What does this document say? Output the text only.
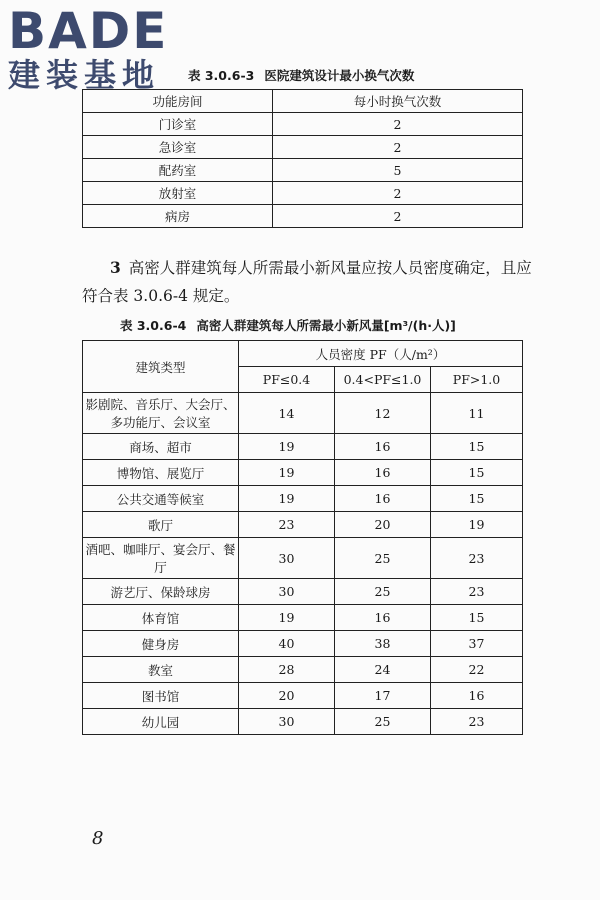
BADE
建装基地	表 3.0.6-3 医院建筑设计最小换气次数
功能房间	每小时换气次数
门诊室	2
急诊室	2
配药室	5
放射室	2
病房	2
3 高密人群建筑每人所需最小新风量应按人员密度确定，且应符合表 3.0.6-4 规定。
表 3.0.6-4 高密人群建筑每人所需最小新风量[m³/(h·人)]
建筑类型	人员密度 PF（人/m²）		
	PF≤0.4	0.4<PF≤1.0	PF>1.0
影剧院、音乐厅、大会厅、多功能厅、会议室	14	12	11
商场、超市	19	16	15
博物馆、展览厅	19	16	15
公共交通等候室	19	16	15
歌厅	23	20	19
酒吧、咖啡厅、宴会厅、餐厅	30	25	23
游艺厅、保龄球房	30	25	23
体育馆	19	16	15
健身房	40	38	37
教室	28	24	22
图书馆	20	17	16
幼儿园	30	25	23
8
